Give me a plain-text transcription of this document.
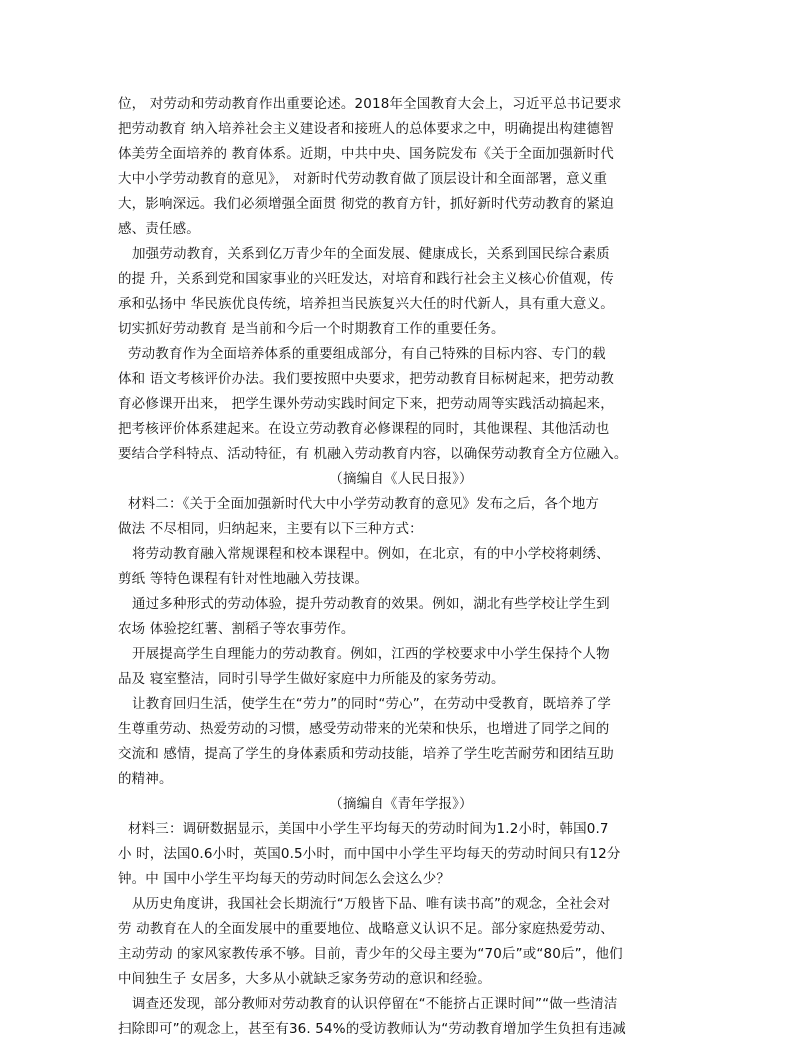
位， 对劳动和劳动教育作出重要论述。2018年全国教育大会上，习近平总书记要求
把劳动教育 纳入培养社会主义建设者和接班人的总体要求之中，明确提出构建德智
体美劳全面培养的 教育体系。近期，中共中央、国务院发布《关于全面加强新时代
大中小学劳动教育的意见》， 对新时代劳动教育做了顶层设计和全面部署，意义重
大，影响深远。我们必须增强全面贯 彻党的教育方针，抓好新时代劳动教育的紧迫
感、责任感。
加强劳动教育，关系到亿万青少年的全面发展、健康成长，关系到国民综合素质
的提 升，关系到党和国家事业的兴旺发达，对培育和践行社会主义核心价值观，传
承和弘扬中 华民族优良传统，培养担当民族复兴大任的时代新人，具有重大意义。
切实抓好劳动教育 是当前和今后一个时期教育工作的重要任务。
劳动教育作为全面培养体系的重要组成部分，有自己特殊的目标内容、专门的载
体和 语文考核评价办法。我们要按照中央要求，把劳动教育目标树起来，把劳动教
育必修课开出来， 把学生课外劳动实践时间定下来，把劳动周等实践活动搞起来，
把考核评价体系建起来。在设立劳动教育必修课程的同时，其他课程、其他活动也
要结合学科特点、活动特征，有 机融入劳动教育内容，以确保劳动教育全方位融入。
（摘编自《人民日报》）
材料二：《关于全面加强新时代大中小学劳动教育的意见》发布之后，各个地方
做法 不尽相同，归纳起来，主要有以下三种方式：
将劳动教育融入常规课程和校本课程中。例如，在北京，有的中小学校将刺绣、
剪纸 等特色课程有针对性地融入劳技课。
通过多种形式的劳动体验，提升劳动教育的效果。例如，湖北有些学校让学生到
农场 体验挖红薯、割稻子等农事劳作。
开展提高学生自理能力的劳动教育。例如，江西的学校要求中小学生保持个人物
品及 寝室整洁，同时引导学生做好家庭中力所能及的家务劳动。
让教育回归生活，使学生在“劳力”的同时“劳心”，在劳动中受教育，既培养了学
生尊重劳动、热爱劳动的习惯，感受劳动带来的光荣和快乐，也增进了同学之间的
交流和 感情，提高了学生的身体素质和劳动技能，培养了学生吃苦耐劳和团结互助
的精神。
（摘编自《青年学报》）
材料三：调研数据显示，美国中小学生平均每天的劳动时间为1.2小时，韩国0.7
小 时，法国0.6小时，英国0.5小时，而中国中小学生平均每天的劳动时间只有12分
钟。中 国中小学生平均每天的劳动时间怎么会这么少？
从历史角度讲，我国社会长期流行“万般皆下品、唯有读书高”的观念，全社会对
劳 动教育在人的全面发展中的重要地位、战略意义认识不足。部分家庭热爱劳动、
主动劳动 的家风家教传承不够。目前，青少年的父母主要为“70后”或“80后”，他们
中间独生子 女居多，大多从小就缺乏家务劳动的意识和经验。
调查还发现，部分教师对劳动教育的认识停留在“不能挤占正课时间”“做一些清洁
扫除即可”的观念上，甚至有36. 54%的受访教师认为“劳动教育增加学生负担有违减
